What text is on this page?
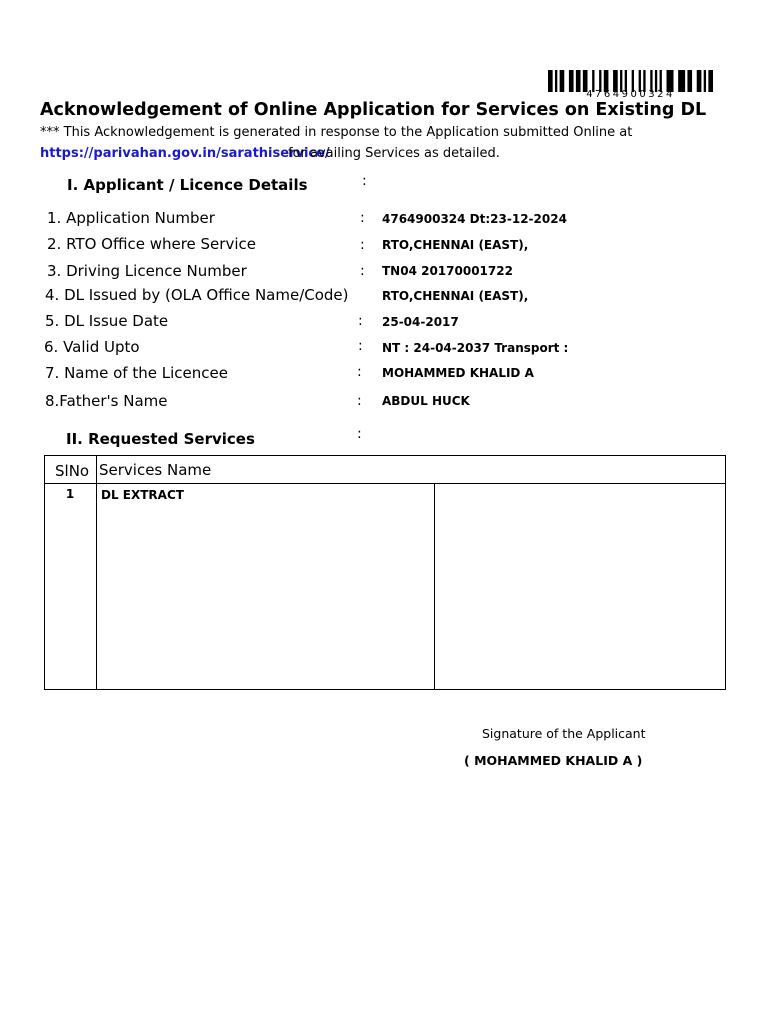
4764900324
Acknowledgement of Online Application for Services on Existing DL
*** This Acknowledgement is generated in response to the Application submitted Online at
https://parivahan.gov.in/sarathiservice/
for availing Services as detailed.
I. Applicant / Licence Details	:
1. Application Number	: 4764900324 Dt:23-12-2024
2. RTO Office where Service	: RTO,CHENNAI (EAST),
3. Driving Licence Number	: TN04 20170001722
4. DL Issued by (OLA Office Name/Code)	RTO,CHENNAI (EAST),
5. DL Issue Date	: 25-04-2017
6. Valid Upto	: NT : 24-04-2037 Transport :
7. Name of the Licencee	: MOHAMMED KHALID A
8.Father's Name	: ABDUL HUCK
II. Requested Services	:
SlNo Services Name
1	DL EXTRACT
Signature of the Applicant
( MOHAMMED KHALID A )
